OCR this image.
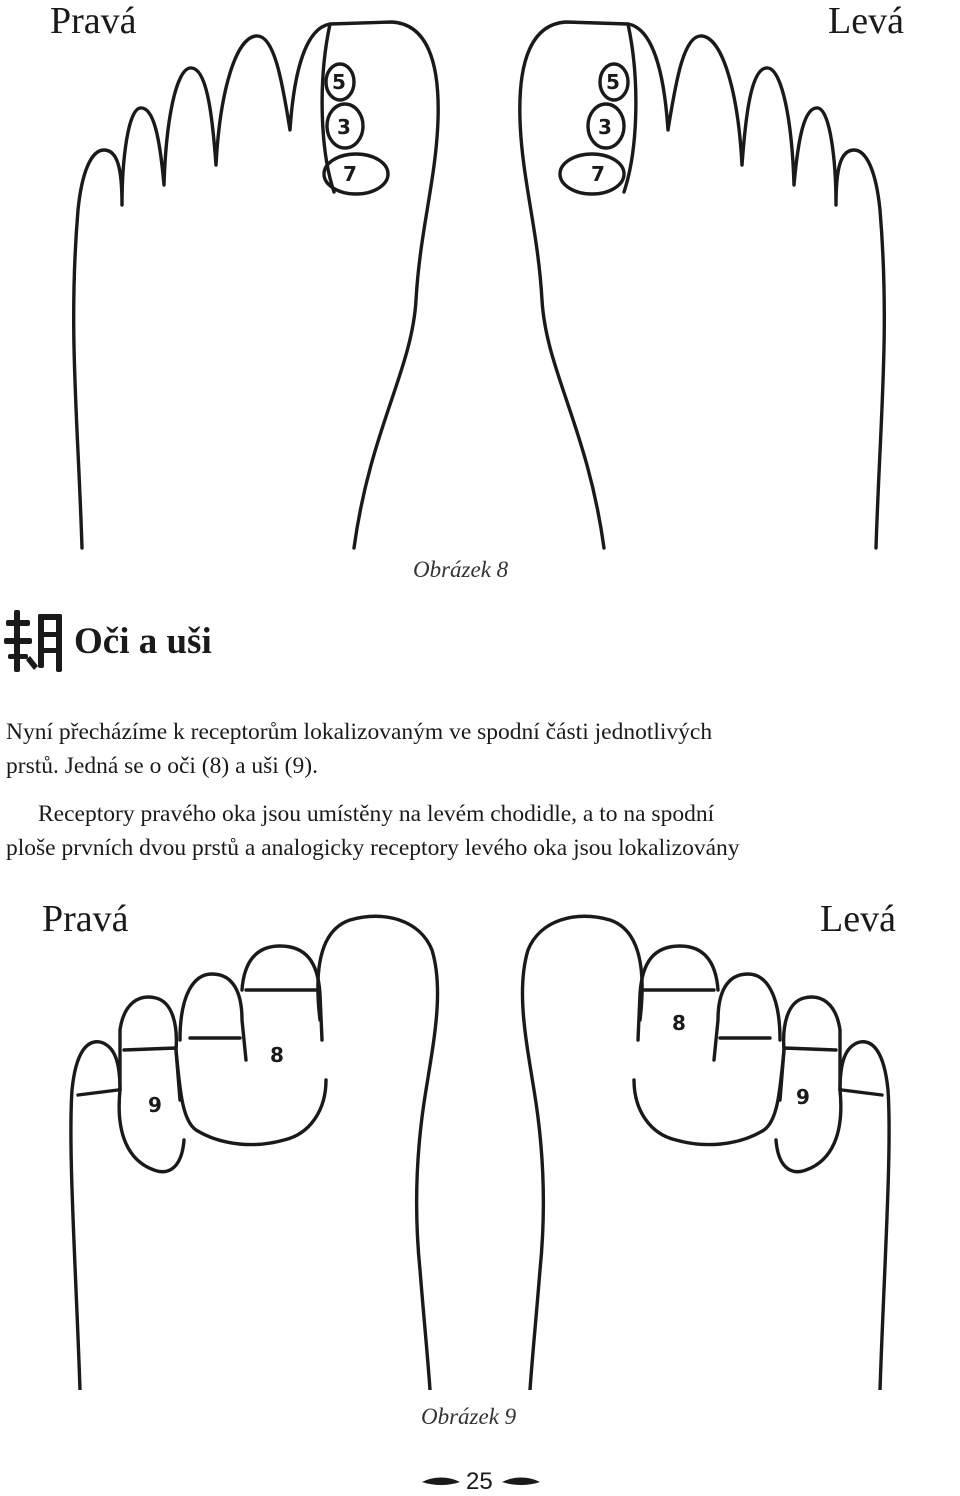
Pravá	Levá
5
3
7
5
3
7
Obrázek 8
Oči a uši
Nyní přecházíme k receptorům lokalizovaným ve spodní části jednotlivých
prstů. Jedná se o oči (8) a uši (9).
Receptory pravého oka jsou umístěny na levém chodidle, a to na spodní
ploše prvních dvou prstů a analogicky receptory levého oka jsou lokalizovány
Pravá	Levá
8
9
8
9
Obrázek 9
25
